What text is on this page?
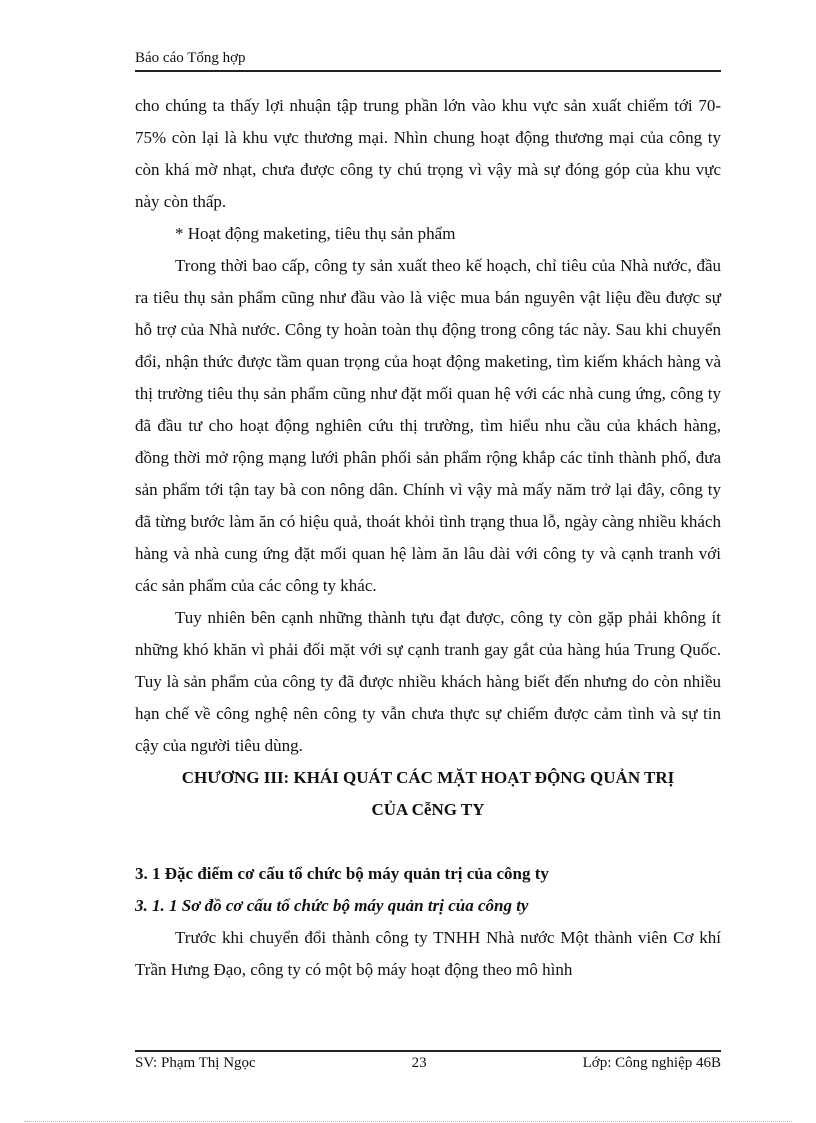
Báo cáo Tổng hợp

cho chúng ta thấy lợi nhuận tập trung phần lớn vào khu vực sản xuất chiếm tới 70-75% còn lại là khu vực thương mại. Nhìn chung hoạt động thương mại của công ty còn khá mờ nhạt, chưa được công ty chú trọng vì vậy mà sự đóng góp của khu vực này còn thấp.

* Hoạt động maketing, tiêu thụ sản phẩm

Trong thời bao cấp, công ty sản xuất theo kế hoạch, chỉ tiêu của Nhà nước, đầu ra tiêu thụ sản phẩm cũng như đầu vào là việc mua bán nguyên vật liệu đều được sự hỗ trợ của Nhà nước. Công ty hoàn toàn thụ động trong công tác này. Sau khi chuyển đổi, nhận thức được tầm quan trọng của hoạt động maketing, tìm kiếm khách hàng và thị trường tiêu thụ sản phẩm cũng như đặt mối quan hệ với các nhà cung ứng, công ty đã đầu tư cho hoạt động nghiên cứu thị trường, tìm hiểu nhu cầu của khách hàng, đồng thời mở rộng mạng lưới phân phối sản phẩm rộng khắp các tỉnh thành phố, đưa sản phẩm tới tận tay bà con nông dân. Chính vì vậy mà mấy năm trở lại đây, công ty đã từng bước làm ăn có hiệu quả, thoát khỏi tình trạng thua lỗ, ngày càng nhiều khách hàng và nhà cung ứng đặt mối quan hệ làm ăn lâu dài với công ty và cạnh tranh với các sản phẩm của các công ty khác.

Tuy nhiên bên cạnh những thành tựu đạt được, công ty còn gặp phải không ít những khó khăn vì phải đối mặt với sự cạnh tranh gay gắt của hàng húa Trung Quốc. Tuy là sản phẩm của công ty đã được nhiều khách hàng biết đến nhưng do còn nhiều hạn chế về công nghệ nên công ty vẫn chưa thực sự chiếm được cảm tình và sự tin cậy của người tiêu dùng.

CHƯƠNG III: KHÁI QUÁT CÁC MẶT HOẠT ĐỘNG QUẢN TRỊ

CỦA CễNG TY

3. 1 Đặc điểm cơ cấu tổ chức bộ máy quản trị của công ty

3. 1. 1 Sơ đồ cơ cấu tổ chức bộ máy quản trị của công ty

Trước khi chuyển đổi thành công ty TNHH Nhà nước Một thành viên Cơ khí Trần Hưng Đạo, công ty có một bộ máy hoạt động theo mô hình

SV: Phạm Thị Ngọc	23	Lớp: Công nghiệp 46B
